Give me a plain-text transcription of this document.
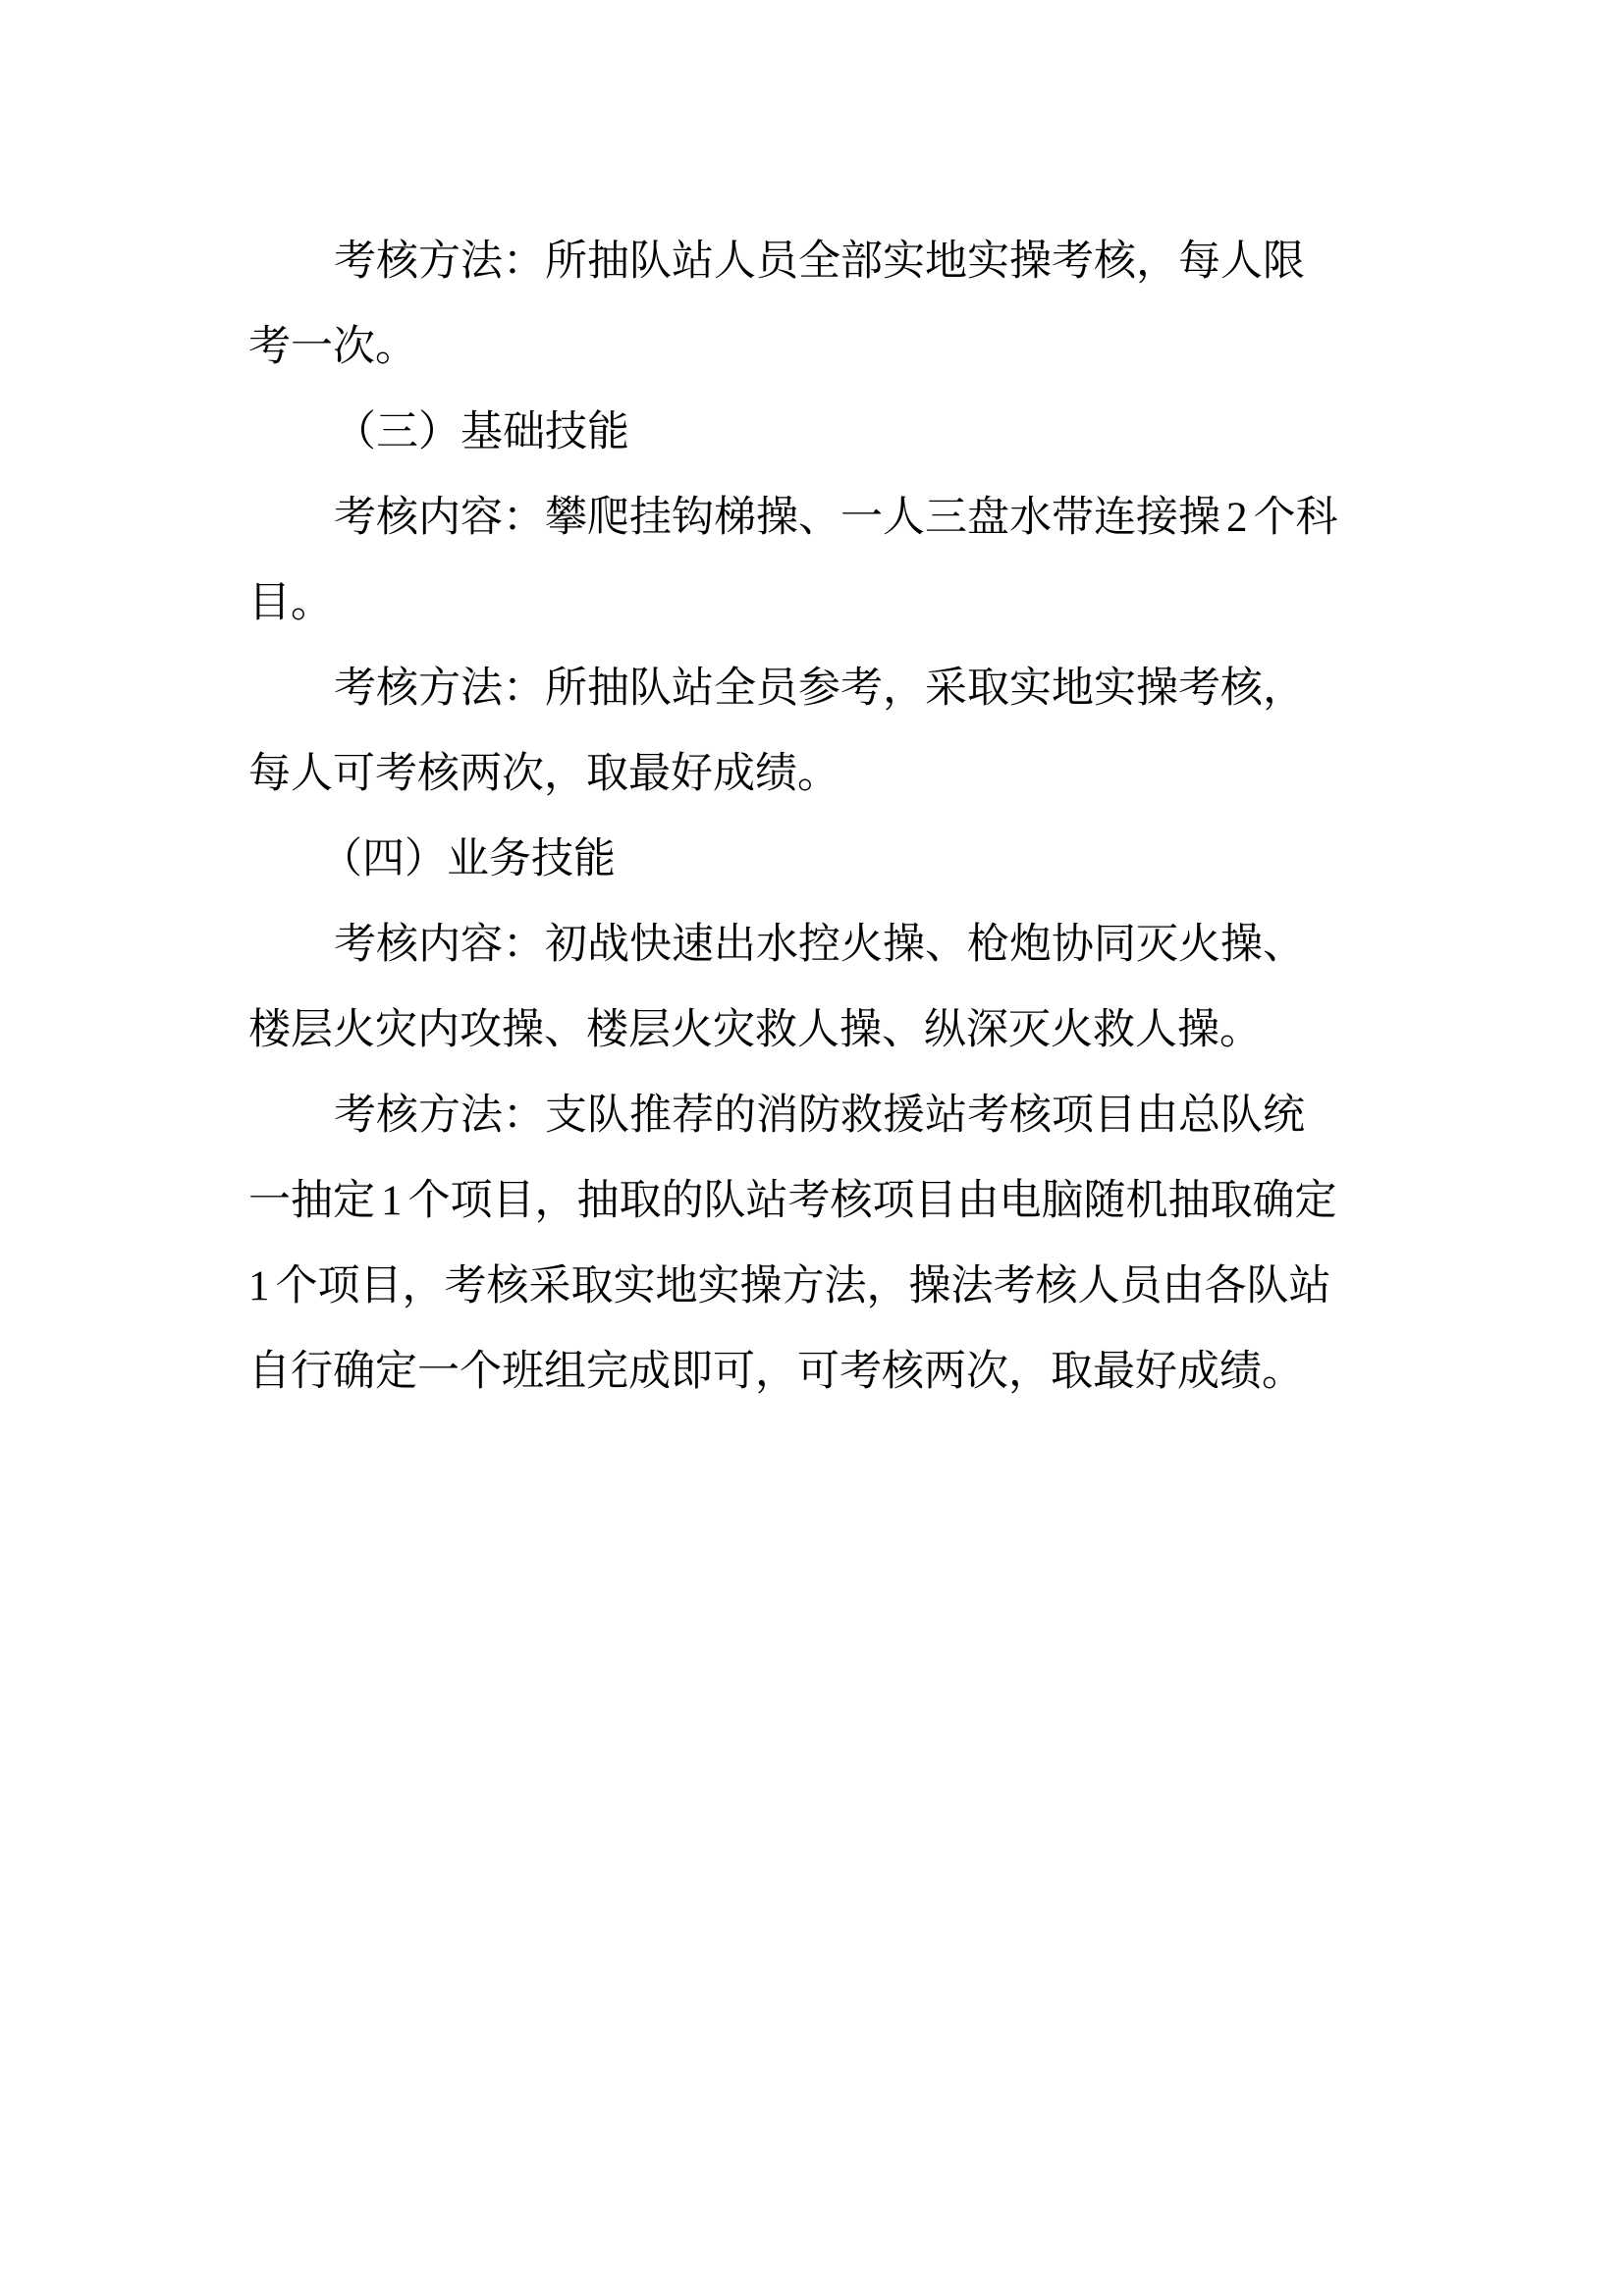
考核方法：所抽队站人员全部实地实操考核，每人限
考一次。
（三）基础技能
考核内容：攀爬挂钩梯操、一人三盘水带连接操 2 个科
目。
考核方法：所抽队站全员参考，采取实地实操考核，
每人可考核两次，取最好成绩。
（四）业务技能
考核内容：初战快速出水控火操、枪炮协同灭火操、
楼层火灾内攻操、楼层火灾救人操、纵深灭火救人操。
考核方法：支队推荐的消防救援站考核项目由总队统
一抽定 1 个项目，抽取的队站考核项目由电脑随机抽取确定
1 个项目，考核采取实地实操方法，操法考核人员由各队站
自行确定一个班组完成即可，可考核两次，取最好成绩。
